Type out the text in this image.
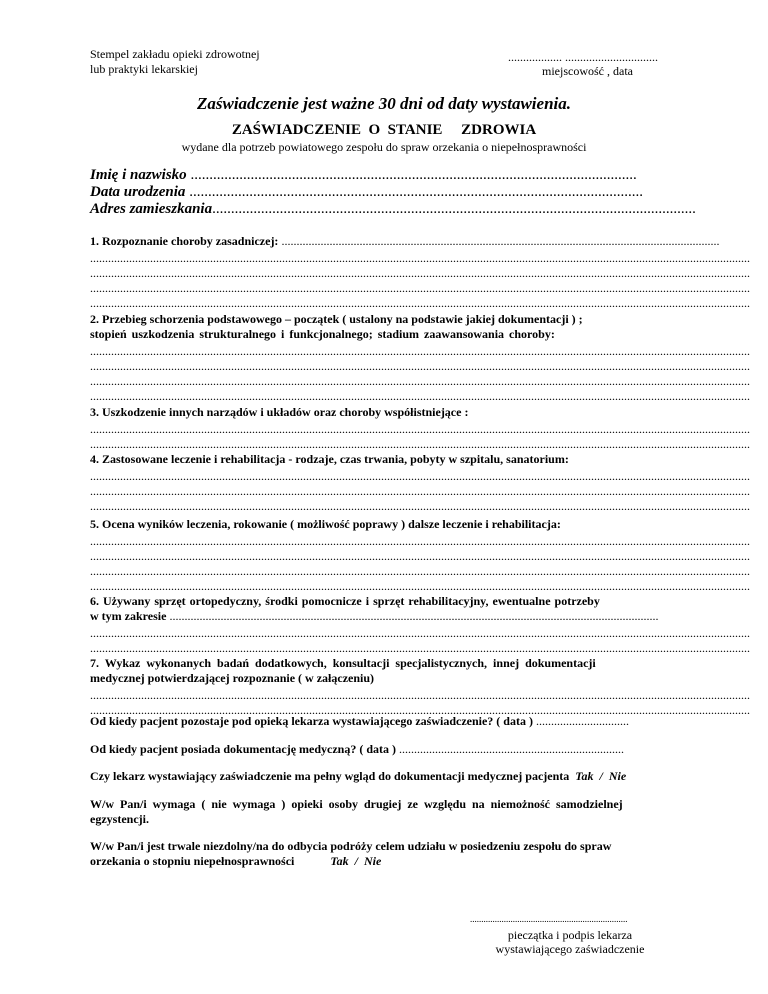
Stempel zakładu opieki zdrowotnej
lub praktyki lekarskiej
.................. ...............................
miejscowość , data
Zaświadczenie jest ważne 30 dni od daty wystawienia.
ZAŚWIADCZENIE  O  STANIE     ZDROWIA
wydane dla potrzeb powiatowego zespołu do spraw orzekania o niepełnosprawności
Imię i nazwisko .......................................................................................................................
Data urodzenia .........................................................................................................................
Adres zamieszkania.................................................................................................................................
1. Rozpoznanie choroby zasadniczej: ..................................................................................................................................................
............................................................................................................................................................................................................................
............................................................................................................................................................................................................................
............................................................................................................................................................................................................................
............................................................................................................................................................................................................................
2. Przebieg schorzenia podstawowego – początek ( ustalony na podstawie jakiej dokumentacji ) ;
stopień uszkodzenia strukturalnego i funkcjonalnego; stadium zaawansowania choroby:
............................................................................................................................................................................................................................
............................................................................................................................................................................................................................
............................................................................................................................................................................................................................
............................................................................................................................................................................................................................
3. Uszkodzenie innych narządów i układów oraz choroby współistniejące :
............................................................................................................................................................................................................................
............................................................................................................................................................................................................................
4. Zastosowane leczenie i rehabilitacja - rodzaje, czas trwania, pobyty w szpitalu, sanatorium:
............................................................................................................................................................................................................................
............................................................................................................................................................................................................................
............................................................................................................................................................................................................................
5. Ocena wyników leczenia, rokowanie ( możliwość poprawy ) dalsze leczenie i rehabilitacja:
............................................................................................................................................................................................................................
............................................................................................................................................................................................................................
............................................................................................................................................................................................................................
............................................................................................................................................................................................................................
6. Używany sprzęt ortopedyczny, środki pomocnicze i sprzęt rehabilitacyjny, ewentualne potrzeby
w tym zakresie ...................................................................................................................................................................
............................................................................................................................................................................................................................
............................................................................................................................................................................................................................
7. Wykaz wykonanych badań dodatkowych, konsultacji specjalistycznych, innej dokumentacji
medycznej potwierdzającej rozpoznanie ( w załączeniu)
............................................................................................................................................................................................................................
............................................................................................................................................................................................................................
Od kiedy pacjent pozostaje pod opieką lekarza wystawiającego zaświadczenie? ( data ) ...............................
Od kiedy pacjent posiada dokumentację medyczną? ( data ) ...........................................................................
Czy lekarz wystawiający zaświadczenie ma pełny wgląd do dokumentacji medycznej pacjenta Tak  /  Nie
W/w Pan/i wymaga ( nie wymaga ) opieki osoby drugiej ze względu na niemożność samodzielnej
egzystencji.
W/w Pan/i jest trwale niezdolny/na do odbycia podróży celem udziału w posiedzeniu zespołu do spraw
orzekania o stopniu niepełnosprawności	Tak  /  Nie
......................................................................
pieczątka i podpis lekarza
wystawiającego zaświadczenie
